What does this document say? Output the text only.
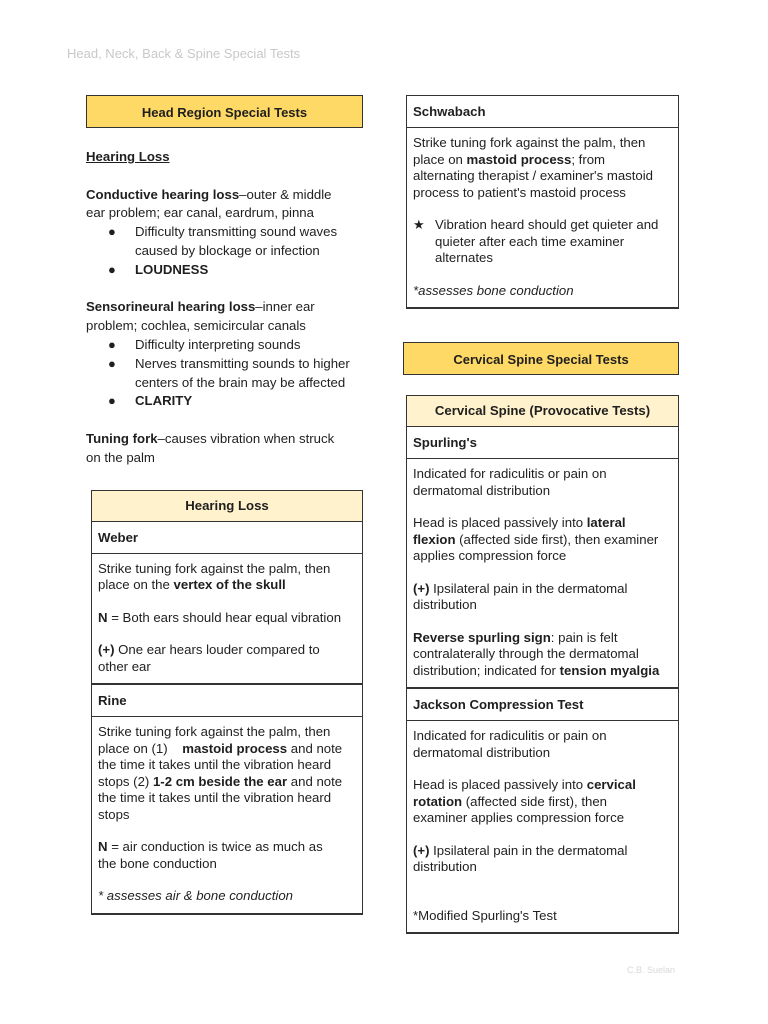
Head, Neck, Back & Spine Special Tests
Head Region Special Tests

Hearing Loss

Conductive hearing loss–outer & middle

ear problem; ear canal, eardrum, pinna

● Difficulty transmitting sound waves
caused by blockage or infection
● LOUDNESS

Sensorineural hearing loss–inner ear

problem; cochlea, semicircular canals

● Difficulty interpreting sounds
● Nerves transmitting sounds to higher
centers of the brain may be affected
● CLARITY

Tuning fork–causes vibration when struck

on the palm

Hearing Loss
Weber

Strike tuning fork against the palm, then

place on the vertex of the skull

N = Both ears should hear equal vibration

(+) One ear hears louder compared to

other ear

Rine

Strike tuning fork against the palm, then

place on (1)    mastoid process and note

the time it takes until the vibration heard

stops (2) 1-2 cm beside the ear and note

the time it takes until the vibration heard

stops

N = air conduction is twice as much as

the bone conduction

* assesses air & bone conduction

Schwabach

Strike tuning fork against the palm, then

place on mastoid process; from

alternating therapist / examiner's mastoid

process to patient's mastoid process

★ Vibration heard should get quieter and
quieter after each time examiner
alternates

*assesses bone conduction

Cervical Spine Special Tests
Cervical Spine (Provocative Tests)
Spurling's

Indicated for radiculitis or pain on

dermatomal distribution

Head is placed passively into lateral

flexion (affected side first), then examiner

applies compression force

(+) Ipsilateral pain in the dermatomal

distribution

Reverse spurling sign: pain is felt

contralaterally through the dermatomal

distribution; indicated for tension myalgia

Jackson Compression Test

Indicated for radiculitis or pain on

dermatomal distribution

Head is placed passively into cervical

rotation (affected side first), then

examiner applies compression force

(+) Ipsilateral pain in the dermatomal

distribution

*Modified Spurling's Test

C.B. Suelan
